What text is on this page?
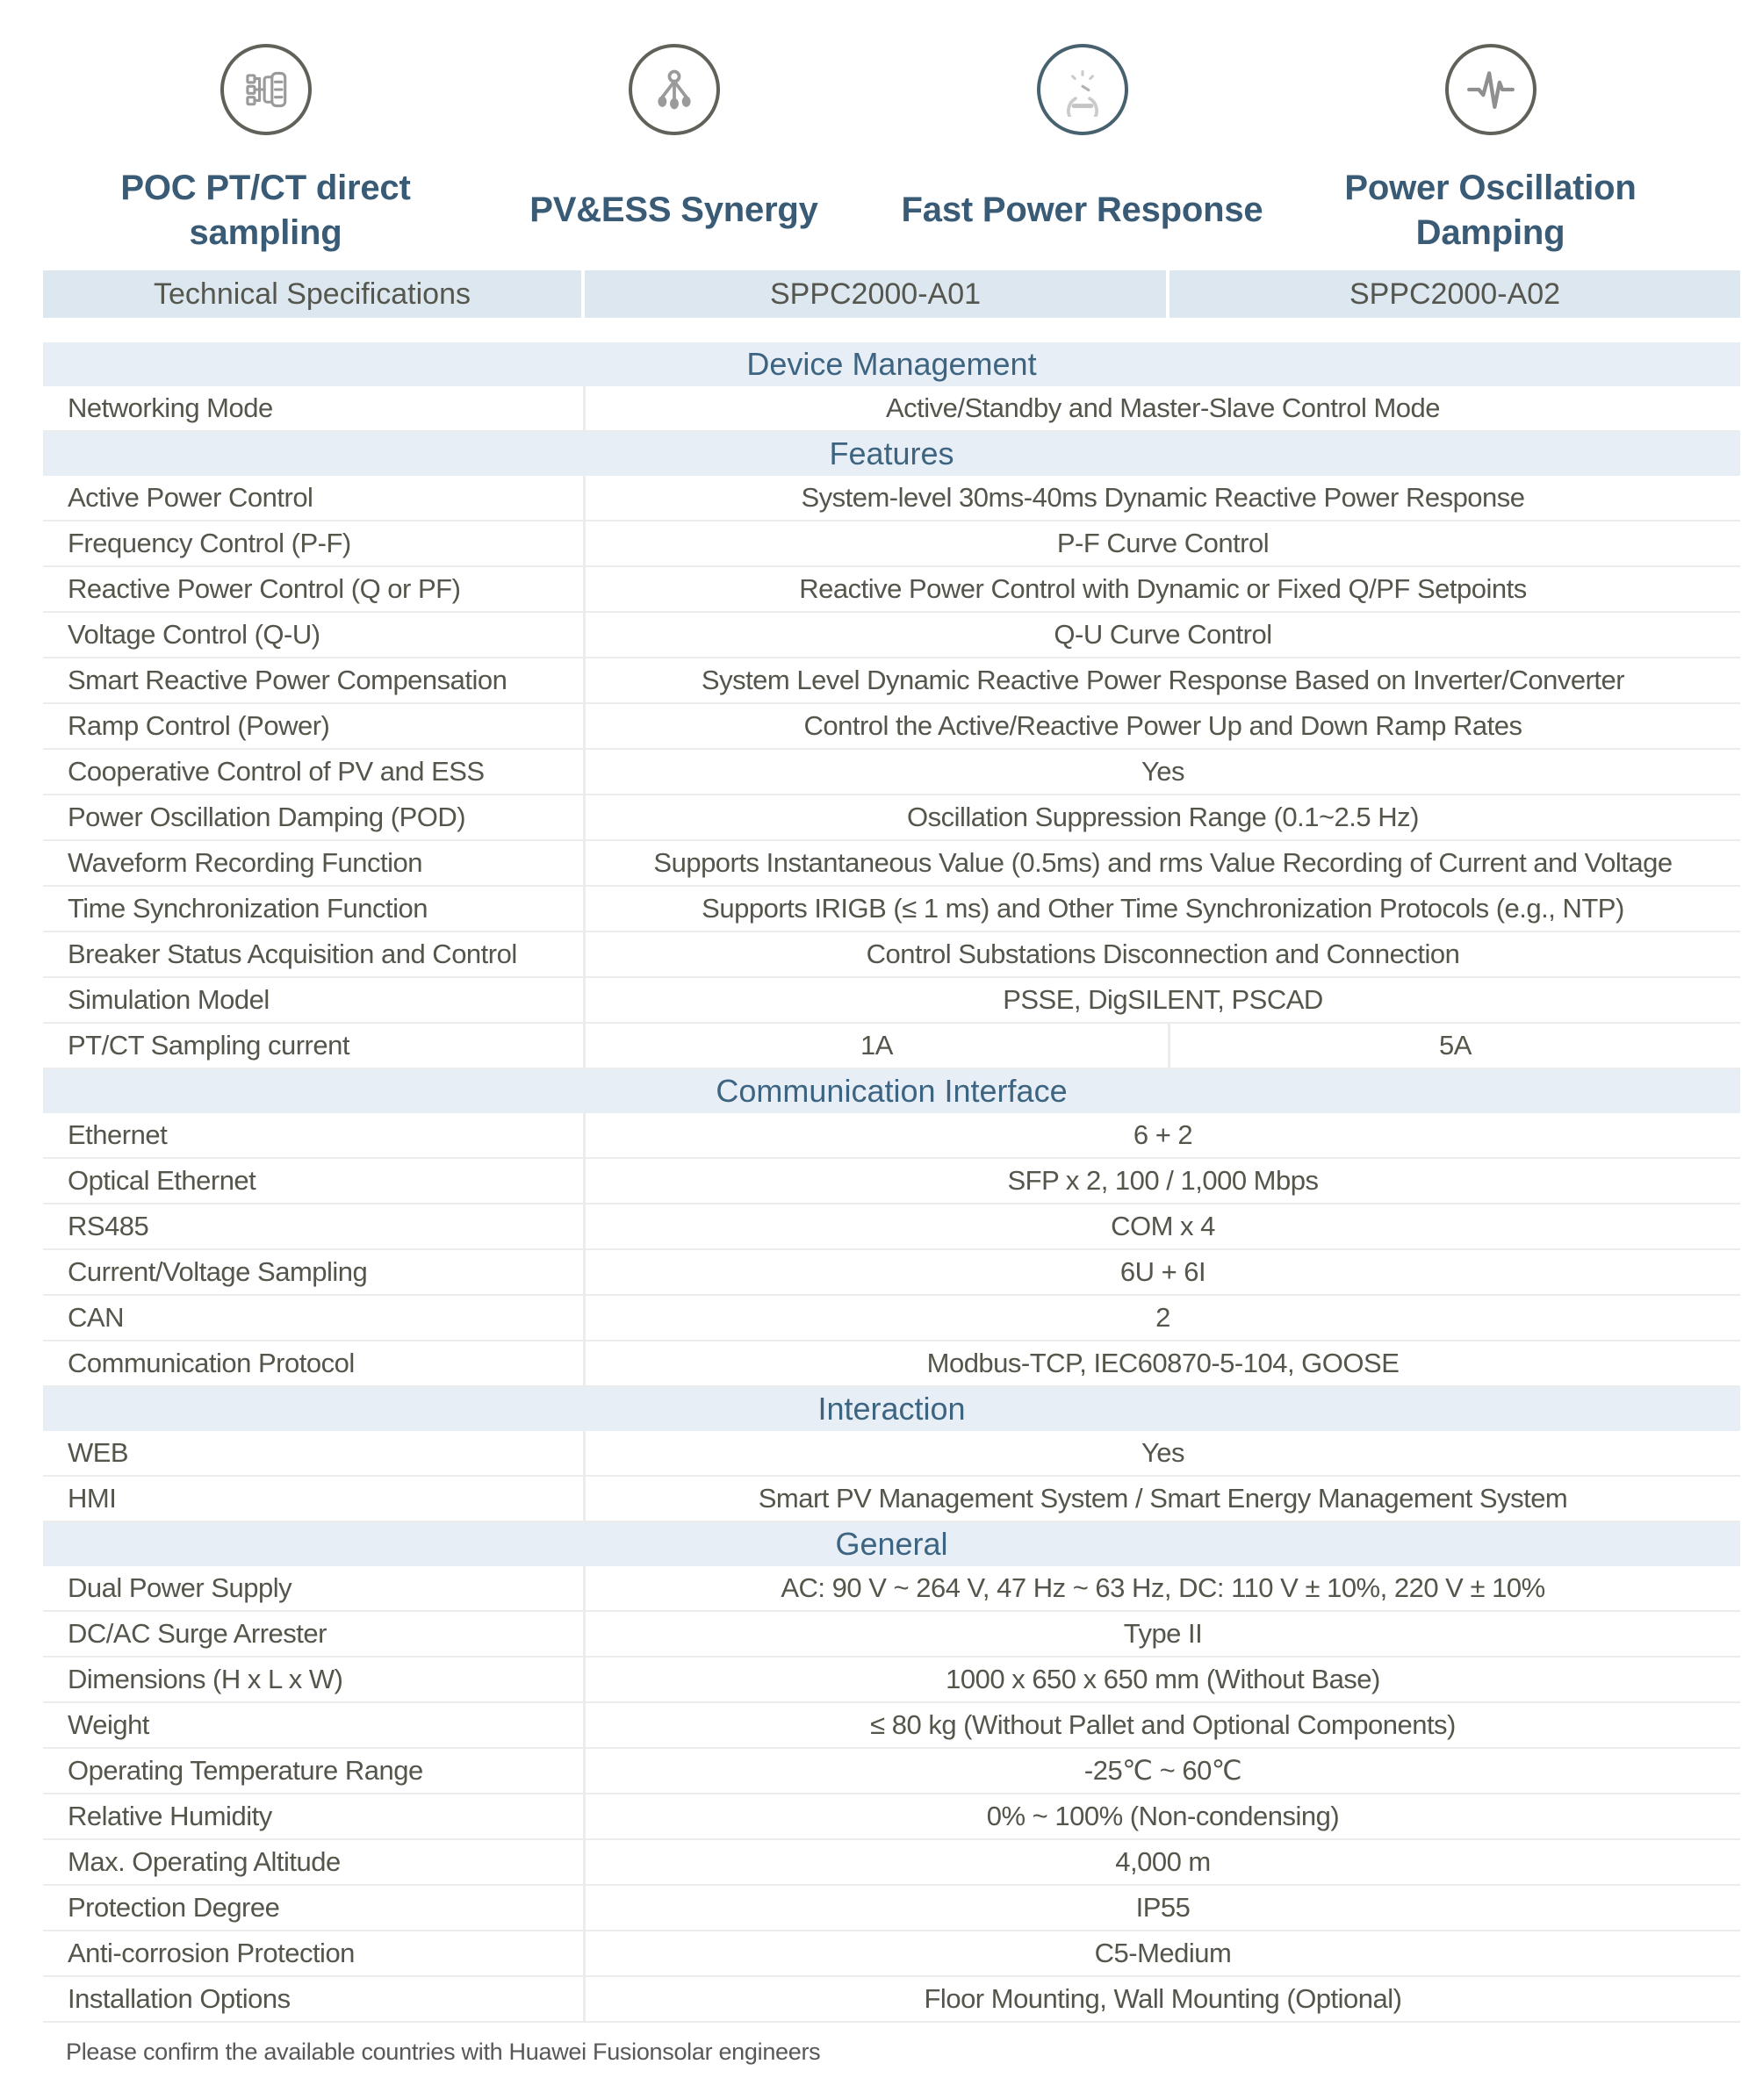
POC PT/CT direct sampling
PV&ESS Synergy Fast Power Response
Power Oscillation Damping
Technical Specifications	SPPC2000-A01	SPPC2000-A02
Device Management
Networking Mode	Active/Standby and Master-Slave Control Mode
Features
Active Power Control	System-level 30ms-40ms Dynamic Reactive Power Response
Frequency Control (P-F)	P-F Curve Control
Reactive Power Control (Q or PF)	Reactive Power Control with Dynamic or Fixed Q/PF Setpoints
Voltage Control (Q-U)	Q-U Curve Control
Smart Reactive Power Compensation	System Level Dynamic Reactive Power Response Based on Inverter/Converter
Ramp Control (Power)	Control the Active/Reactive Power Up and Down Ramp Rates
Cooperative Control of PV and ESS	Yes
Power Oscillation Damping (POD)	Oscillation Suppression Range (0.1~2.5 Hz)
Waveform Recording Function	Supports Instantaneous Value (0.5ms) and rms Value Recording of Current and Voltage
Time Synchronization Function	Supports IRIGB (≤ 1 ms) and Other Time Synchronization Protocols (e.g., NTP)
Breaker Status Acquisition and Control	Control Substations Disconnection and Connection
Simulation Model	PSSE, DigSILENT, PSCAD
PT/CT Sampling current	1A	5A
Communication Interface
Ethernet	6 + 2
Optical Ethernet	SFP x 2, 100 / 1,000 Mbps
RS485	COM x 4
Current/Voltage Sampling	6U + 6I
CAN	2
Communication Protocol	Modbus-TCP, IEC60870-5-104, GOOSE
Interaction
WEB	Yes
HMI	Smart PV Management System / Smart Energy Management System
General
Dual Power Supply	AC: 90 V ~ 264 V, 47 Hz ~ 63 Hz, DC: 110 V ± 10%, 220 V ± 10%
DC/AC Surge Arrester	Type II
Dimensions (H x L x W)	1000 x 650 x 650 mm (Without Base)
Weight	≤ 80 kg (Without Pallet and Optional Components)
Operating Temperature Range	-25℃ ~ 60℃
Relative Humidity	0% ~ 100% (Non-condensing)
Max. Operating Altitude	4,000 m
Protection Degree	IP55
Anti-corrosion Protection	C5-Medium
Installation Options	Floor Mounting, Wall Mounting (Optional)
Please confirm the available countries with Huawei Fusionsolar engineers
